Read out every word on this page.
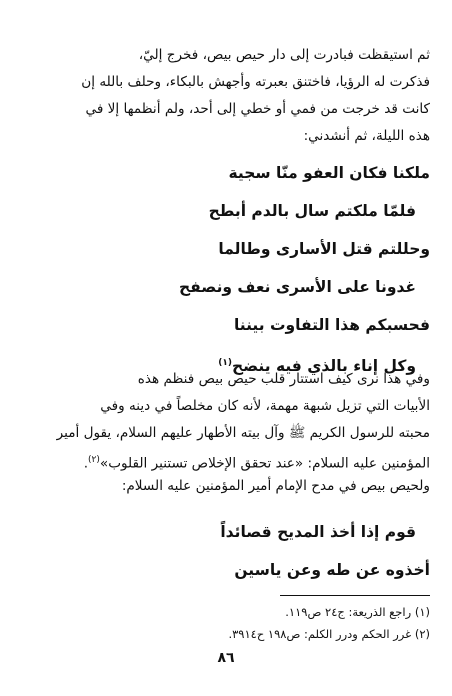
ثم استيقظت فبادرت إلى دار حيص بيص، فخرج إليّ،
فذكرت له الرؤيا، فاختنق بعبرته وأجهش بالبكاء، وحلف بالله إن
كانت قد خرجت من فمي أو خطي إلى أحد، ولم أنظمها إلا في
هذه الليلة، ثم أنشدني:
ملكنا فكان العفو منّا سجية
فلمّا ملكتم سال بالدم أبطح
وحللتم قتل الأسارى وطالما
غدونا على الأسرى نعف ونصفح
فحسبكم هذا التفاوت بيننا
وكل إناء بالذي فيه ينضح$^{(١)}$
وفي هذا نرى كيف استتار قلب حيص بيص فنظم هذه
الأبيات التي تزيل شبهة مهمة، لأنه كان مخلصاً في دينه وفي
محبته للرسول الكريم ﷺ وآل بيته الأطهار عليهم السلام، يقول أمير
المؤمنين عليه السلام: «عند تحقق الإخلاص تستنير القلوب»$^{(٢)}$.
ولحيص بيص في مدح الإمام أمير المؤمنين عليه السلام:
قوم إذا أخذ المديح قصائداً
أخذوه عن طه وعن ياسين
(١) راجع الذريعة: ج٢٤ ص١١٩.
(٢) غرر الحكم ودرر الكلم: ص١٩٨ ح٣٩١٤.
٨٦
